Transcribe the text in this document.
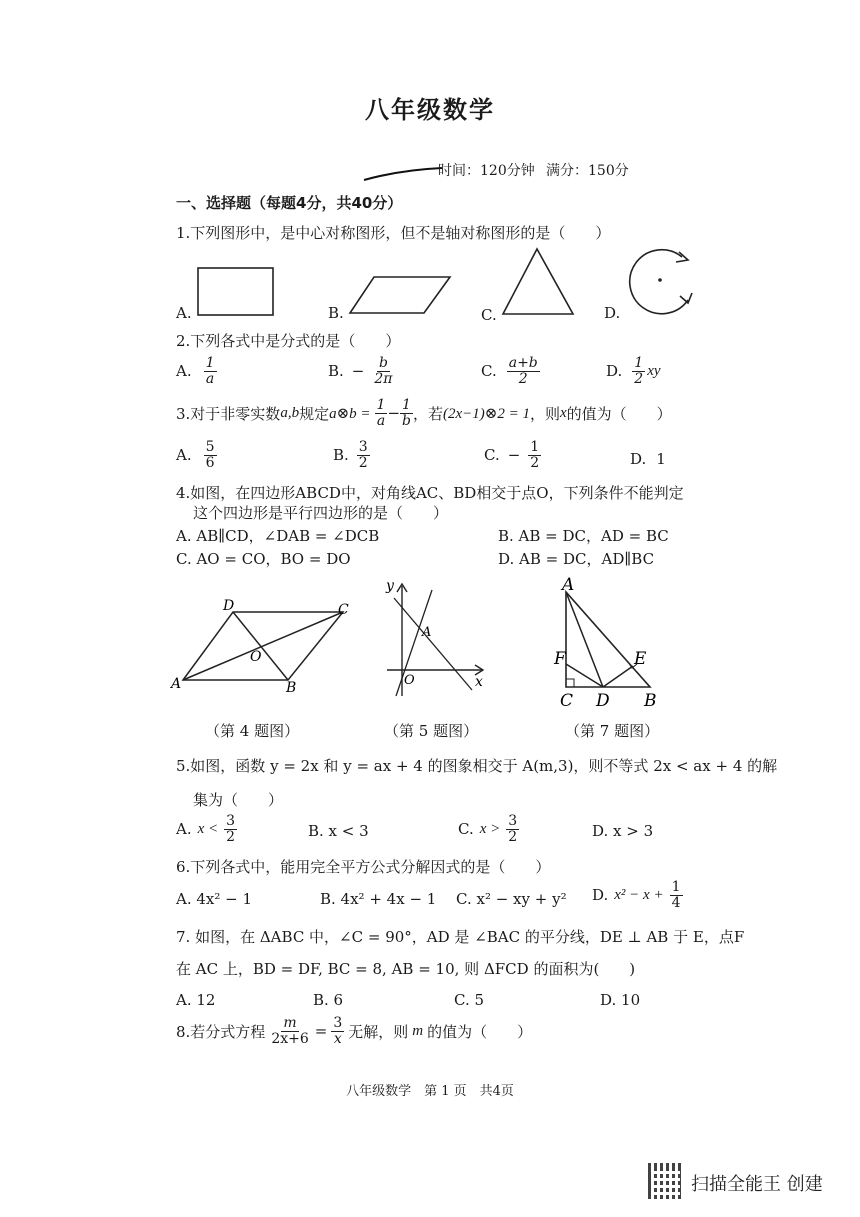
八年级数学
时间：120分钟 满分：150分
一、选择题（每题4分，共40分）
1.下列图形中，是中心对称图形，但不是轴对称图形的是（　　）
A.	B.	C.	D.
2.下列各式中是分式的是（　　）
A. $\frac{1}{a}$	B. − $\frac{b}{2\pi}$	C. $\frac{a+b}{2}$	D. $\frac{1}{2}$ xy
3.对于非零实数 a,b 规定 a⊗b = $\frac{1}{a} - \frac{1}{b}$ ，若 (2x−1)⊗2 = 1 ，则 x 的值为（　　）
A. $\frac{5}{6}$	B. $\frac{3}{2}$	C. − $\frac{1}{2}$	D. 1
4.如图，在四边形ABCD中，对角线AC、BD相交于点O，下列条件不能判定
这个四边形是平行四边形的是（　　）
A. AB∥CD，∠DAB = ∠DCB	B. AB = DC，AD = BC
C. AO = CO，BO = DO	D. AB = DC，AD∥BC
D	C
O
A	B
（第 4 题图）
y
A
O	x
（第 5 题图）
A
F	E
C D B
（第 7 题图）
5.如图，函数 y = 2x 和 y = ax + 4 的图象相交于 A(m,3)，则不等式 2x < ax + 4 的解
集为（　　）
A. $x < \frac{3}{2}$	B. x < 3	C. $x > \frac{3}{2}$	D. x > 3
6.下列各式中，能用完全平方公式分解因式的是（　　）
A. 4x² − 1	B. 4x² + 4x − 1 C. x² − xy + y² D. $x^2 - x + \frac{1}{4}$
7. 如图，在 ΔABC 中，∠C = 90°，AD 是 ∠BAC 的平分线，DE ⊥ AB 于 E，点F
在 AC 上，BD = DF, BC = 8, AB = 10, 则 ΔFCD 的面积为(　　)
A. 12	B. 6	C. 5	D. 10
8.若分式方程 $\frac{m}{2x+6} = \frac{3}{x}$ 无解，则 m 的值为（　　）
八年级数学　第 1 页　共4页
扫描全能王 创建
